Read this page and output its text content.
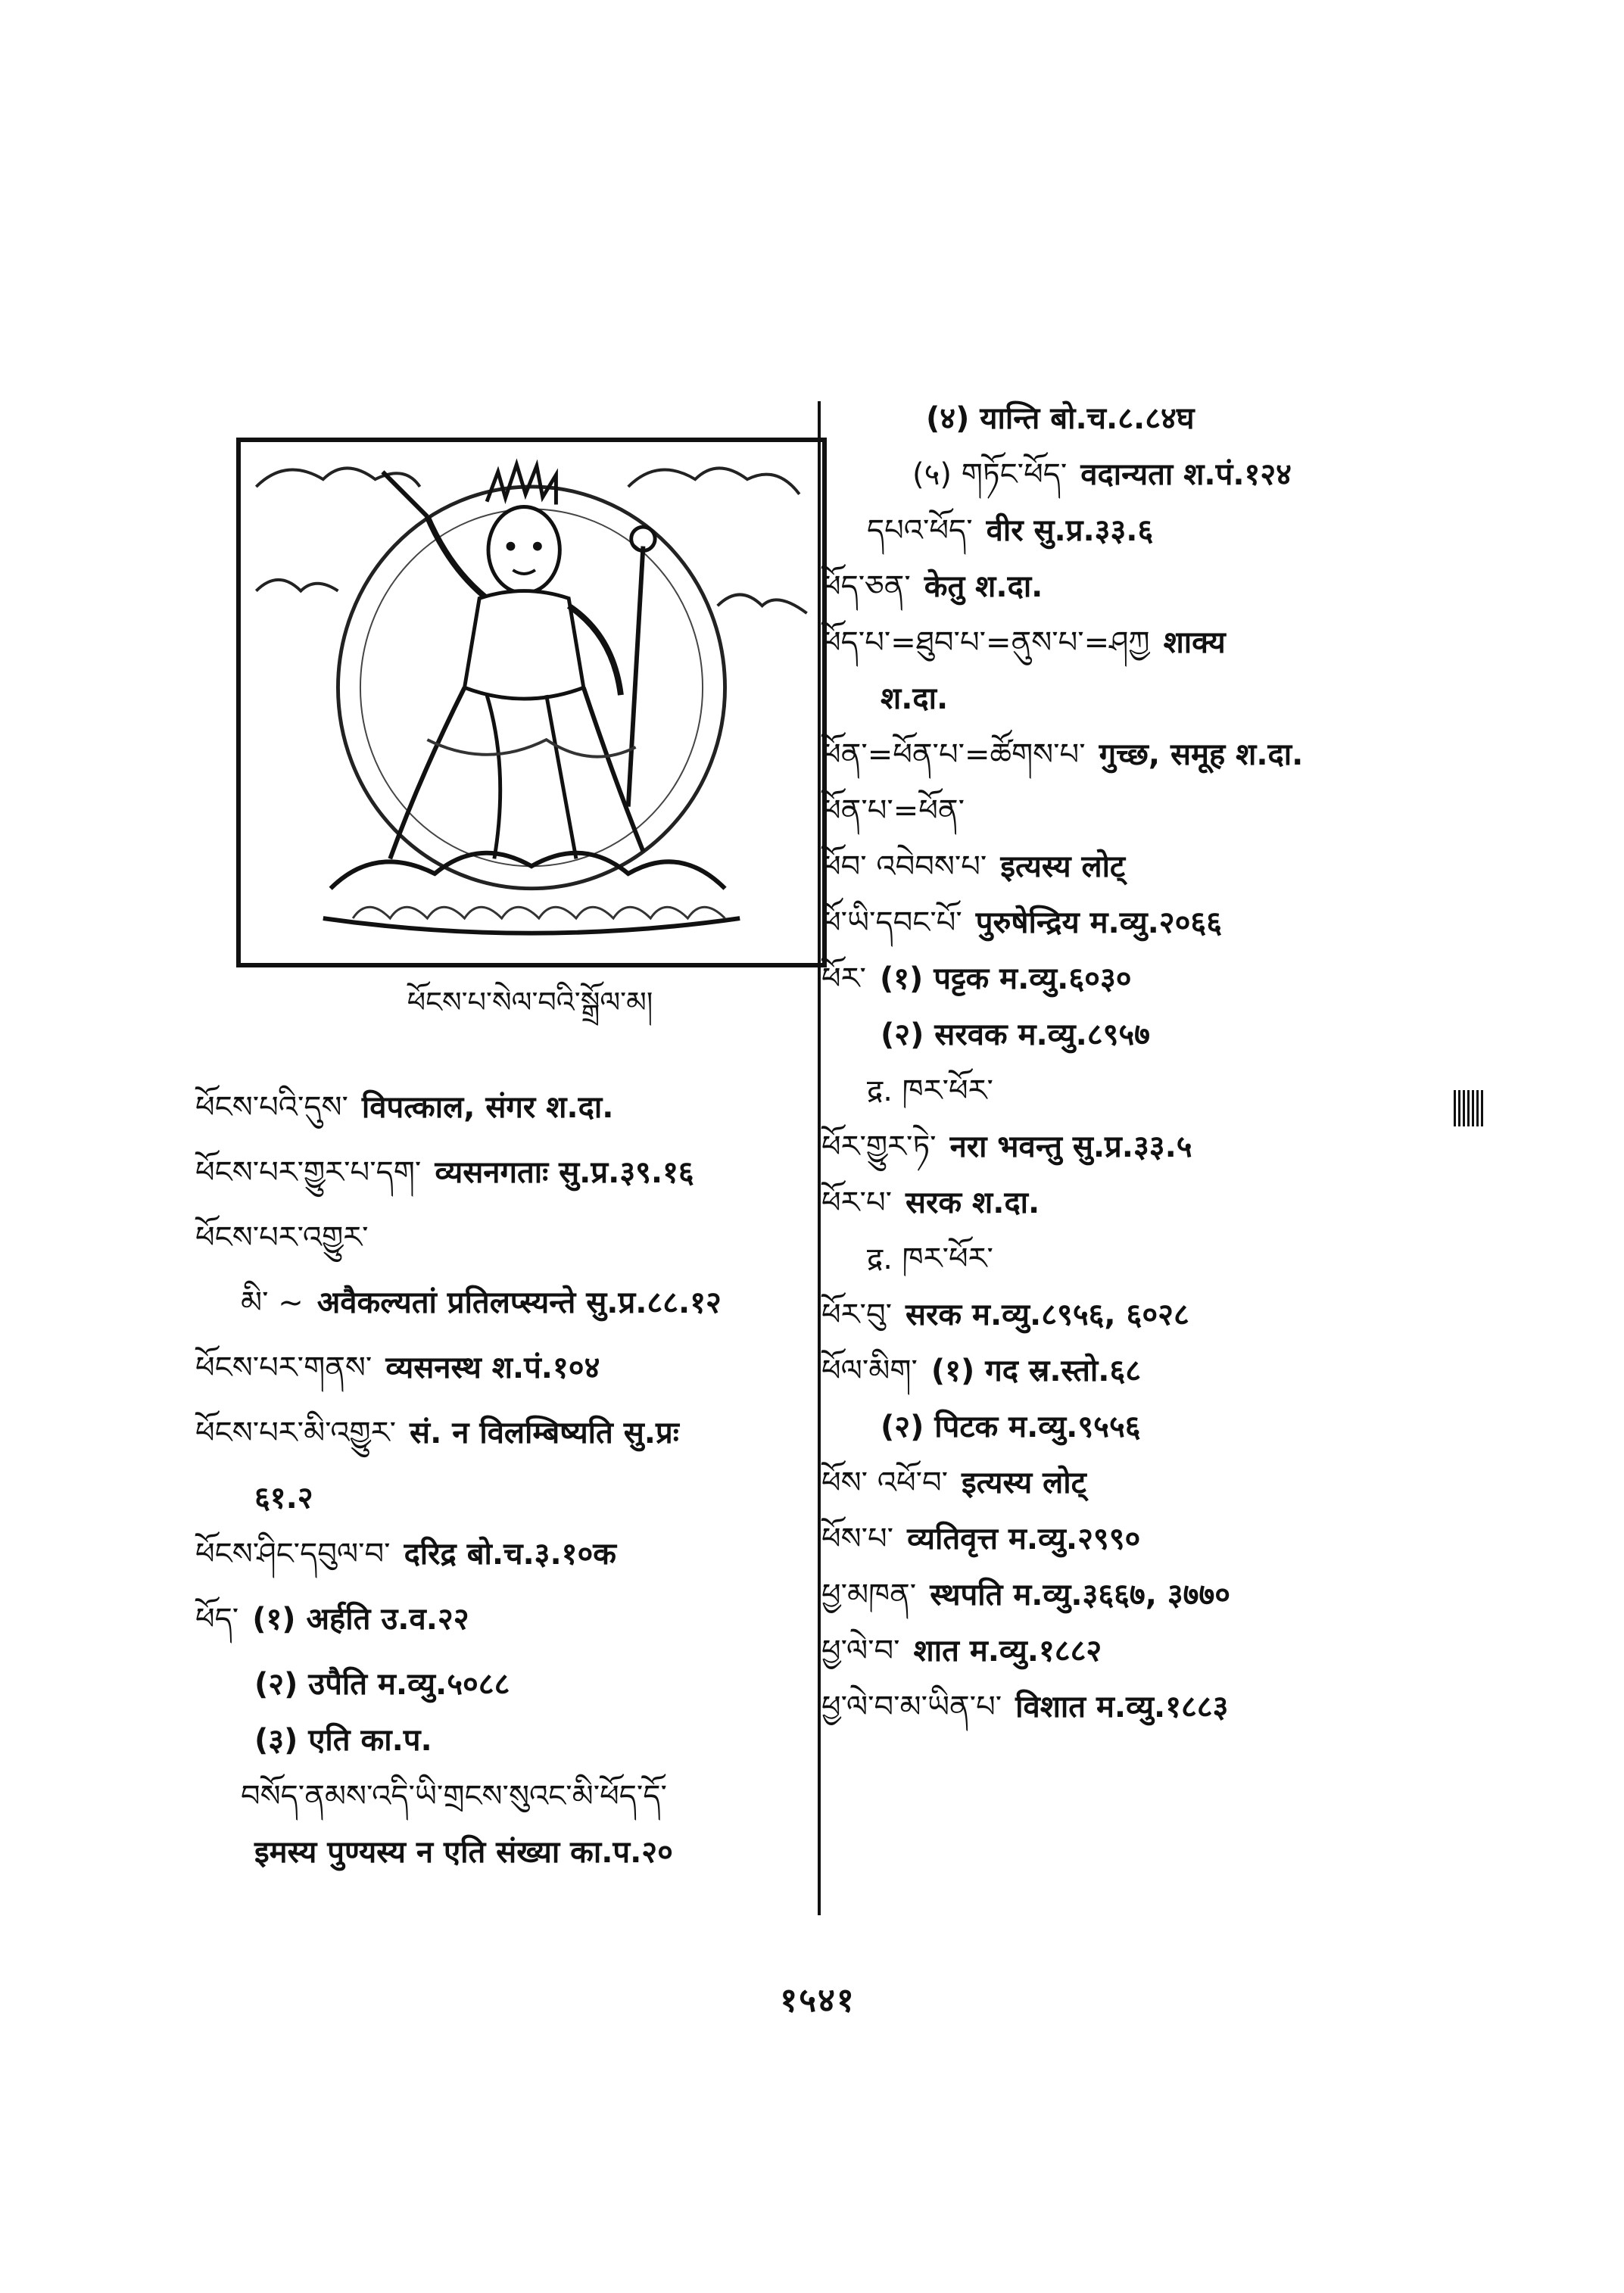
ཕོངས་པ་སེལ་བའི་སྒྲོལ་མ།
ཕོངས་པའི་དུས་ विपत्काल, संगर श.दा.
ཕོངས་པར་གྱུར་པ་དག་ व्यसनगताः सु.प्र.३९.१६
ཕོངས་པར་འགྱུར་
མི་ ~ अवैकल्यतां प्रतिलप्स्यन्ते सु.प्र.८८.१२
ཕོངས་པར་གནས་ व्यसनस्थ श.पं.१०४
ཕོངས་པར་མི་འགྱུར་ सं. न विलम्बिष्यति सु.प्रः
६१.२
ཕོངས་ཤིང་དབུལ་བ་ दरिद्र बो.च.३.१०क
ཕོད་ (१) अर्हति उ.व.२२
(२) उपैति म.व्यु.५०८८
(३) एति का.प.
བསོད་ནམས་འདི་ཡི་གྲངས་སུའང་མི་ཕོད་དོ་
इमस्य पुण्यस्य न एति संख्या का.प.२०
(४) यान्ति बो.च.८.८४घ
(५) གཏོང་ཕོད་ वदान्यता श.पं.१२४
དཔའ་ཕོད་ वीर सु.प्र.३३.६
ཕོད་ཅན་ केतु श.दा.
ཕོད་པ་=ཐུབ་པ་=ནུས་པ་=ཤཀྱ शाक्य
श.दा.
ཕོན་=ཕོན་པ་=ཚོགས་པ་ गुच्छ, समूह श.दा.
ཕོན་པ་=ཕོན་
ཕོབ་ འབེབས་པ་ इत्यस्य लोट्
ཕོ་ཡི་དབང་པོ་ पुरुषेन्द्रिय म.व्यु.२०६६
ཕོར་ (१) पट्टक म.व्यु.६०३०
(२) सरवक म.व्यु.८९५७
द्र. ཁར་ཕོར་
ཕོར་གྱུར་ཏེ་ नरा भवन्तु सु.प्र.३३.५
ཕོར་པ་ सरक श.दा.
द्र. ཁར་ཕོར་
ཕོར་བུ་ सरक म.व्यु.८९५६, ६०२८
ཕོལ་མིག་ (१) गद स्र.स्तो.६८
(२) पिटक म.व्यु.९५५६
ཕོས་ འཕོ་བ་ इत्यस्य लोट्
ཕོས་པ་ व्यतिवृत्त म.व्यु.२९९०
ཕྱ་མཁན་ स्थपति म.व्यु.३६६७, ३७७०
ཕྱ་ལེ་བ་ शात म.व्यु.१८८२
ཕྱ་ལེ་བ་མ་ཡིན་པ་ विशात म.व्यु.१८८३
१५४१
